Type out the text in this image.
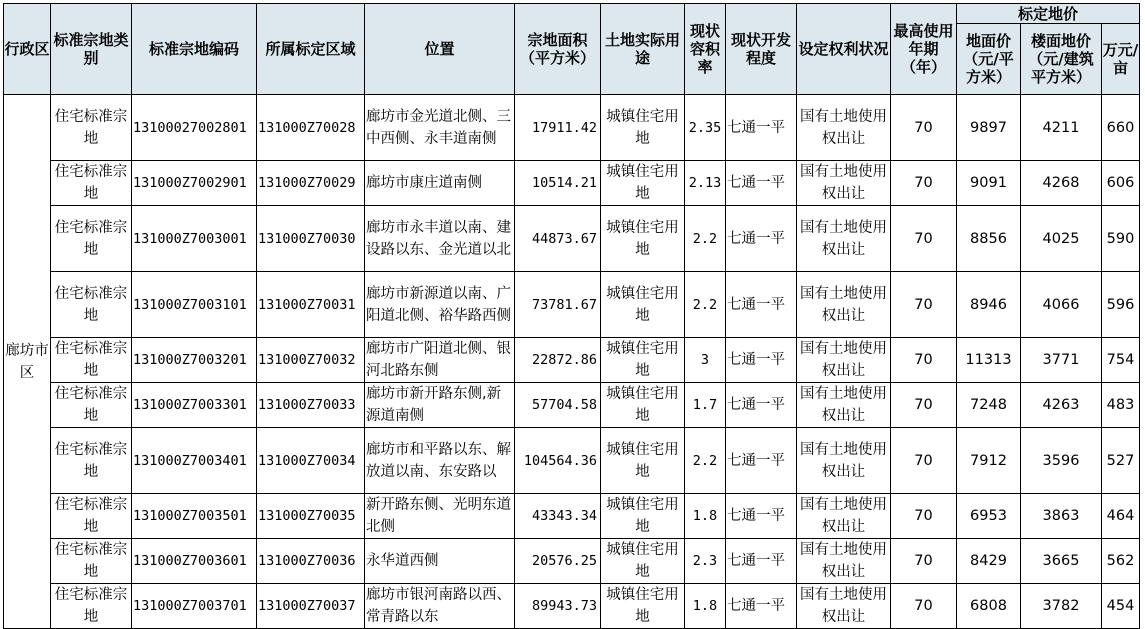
行政区	标准宗地类别	标准宗地编码	所属标定区域	位置	宗地面积（平方米）	土地实际用途	现状容积率	现状开发程度	设定权利状况	最高使用年期（年）	标定地价		
											地面价（元/平方米）	楼面地价（元/建筑平方米）	万元/亩
廊坊市区	住宅标准宗地	13100027002801	131000Z70028	廊坊市金光道北侧、三中西侧、永丰道南侧	17911.42	城镇住宅用地	2.35	七通一平	国有土地使用权出让	70	9897	4211	660
	住宅标准宗地	131000Z7002901	131000Z70029	廊坊市康庄道南侧	10514.21	城镇住宅用地	2.13	七通一平	国有土地使用权出让	70	9091	4268	606
	住宅标准宗地	131000Z7003001	131000Z70030	廊坊市永丰道以南、建设路以东、金光道以北	44873.67	城镇住宅用地	2.2	七通一平	国有土地使用权出让	70	8856	4025	590
	住宅标准宗地	131000Z7003101	131000Z70031	廊坊市新源道以南、广阳道北侧、裕华路西侧	73781.67	城镇住宅用地	2.2	七通一平	国有土地使用权出让	70	8946	4066	596
	住宅标准宗地	131000Z7003201	131000Z70032	廊坊市广阳道北侧、银河北路东侧	22872.86	城镇住宅用地	3	七通一平	国有土地使用权出让	70	11313	3771	754
	住宅标准宗地	131000Z7003301	131000Z70033	廊坊市新开路东侧,新源道南侧	57704.58	城镇住宅用地	1.7	七通一平	国有土地使用权出让	70	7248	4263	483
	住宅标准宗地	131000Z7003401	131000Z70034	廊坊市和平路以东、解放道以南、东安路以	104564.36	城镇住宅用地	2.2	七通一平	国有土地使用权出让	70	7912	3596	527
	住宅标准宗地	131000Z7003501	131000Z70035	新开路东侧、光明东道北侧	43343.34	城镇住宅用地	1.8	七通一平	国有土地使用权出让	70	6953	3863	464
	住宅标准宗地	131000Z7003601	131000Z70036	永华道西侧	20576.25	城镇住宅用地	2.3	七通一平	国有土地使用权出让	70	8429	3665	562
	住宅标准宗地	131000Z7003701	131000Z70037	廊坊市银河南路以西、常青路以东	89943.73	城镇住宅用地	1.8	七通一平	国有土地使用权出让	70	6808	3782	454
